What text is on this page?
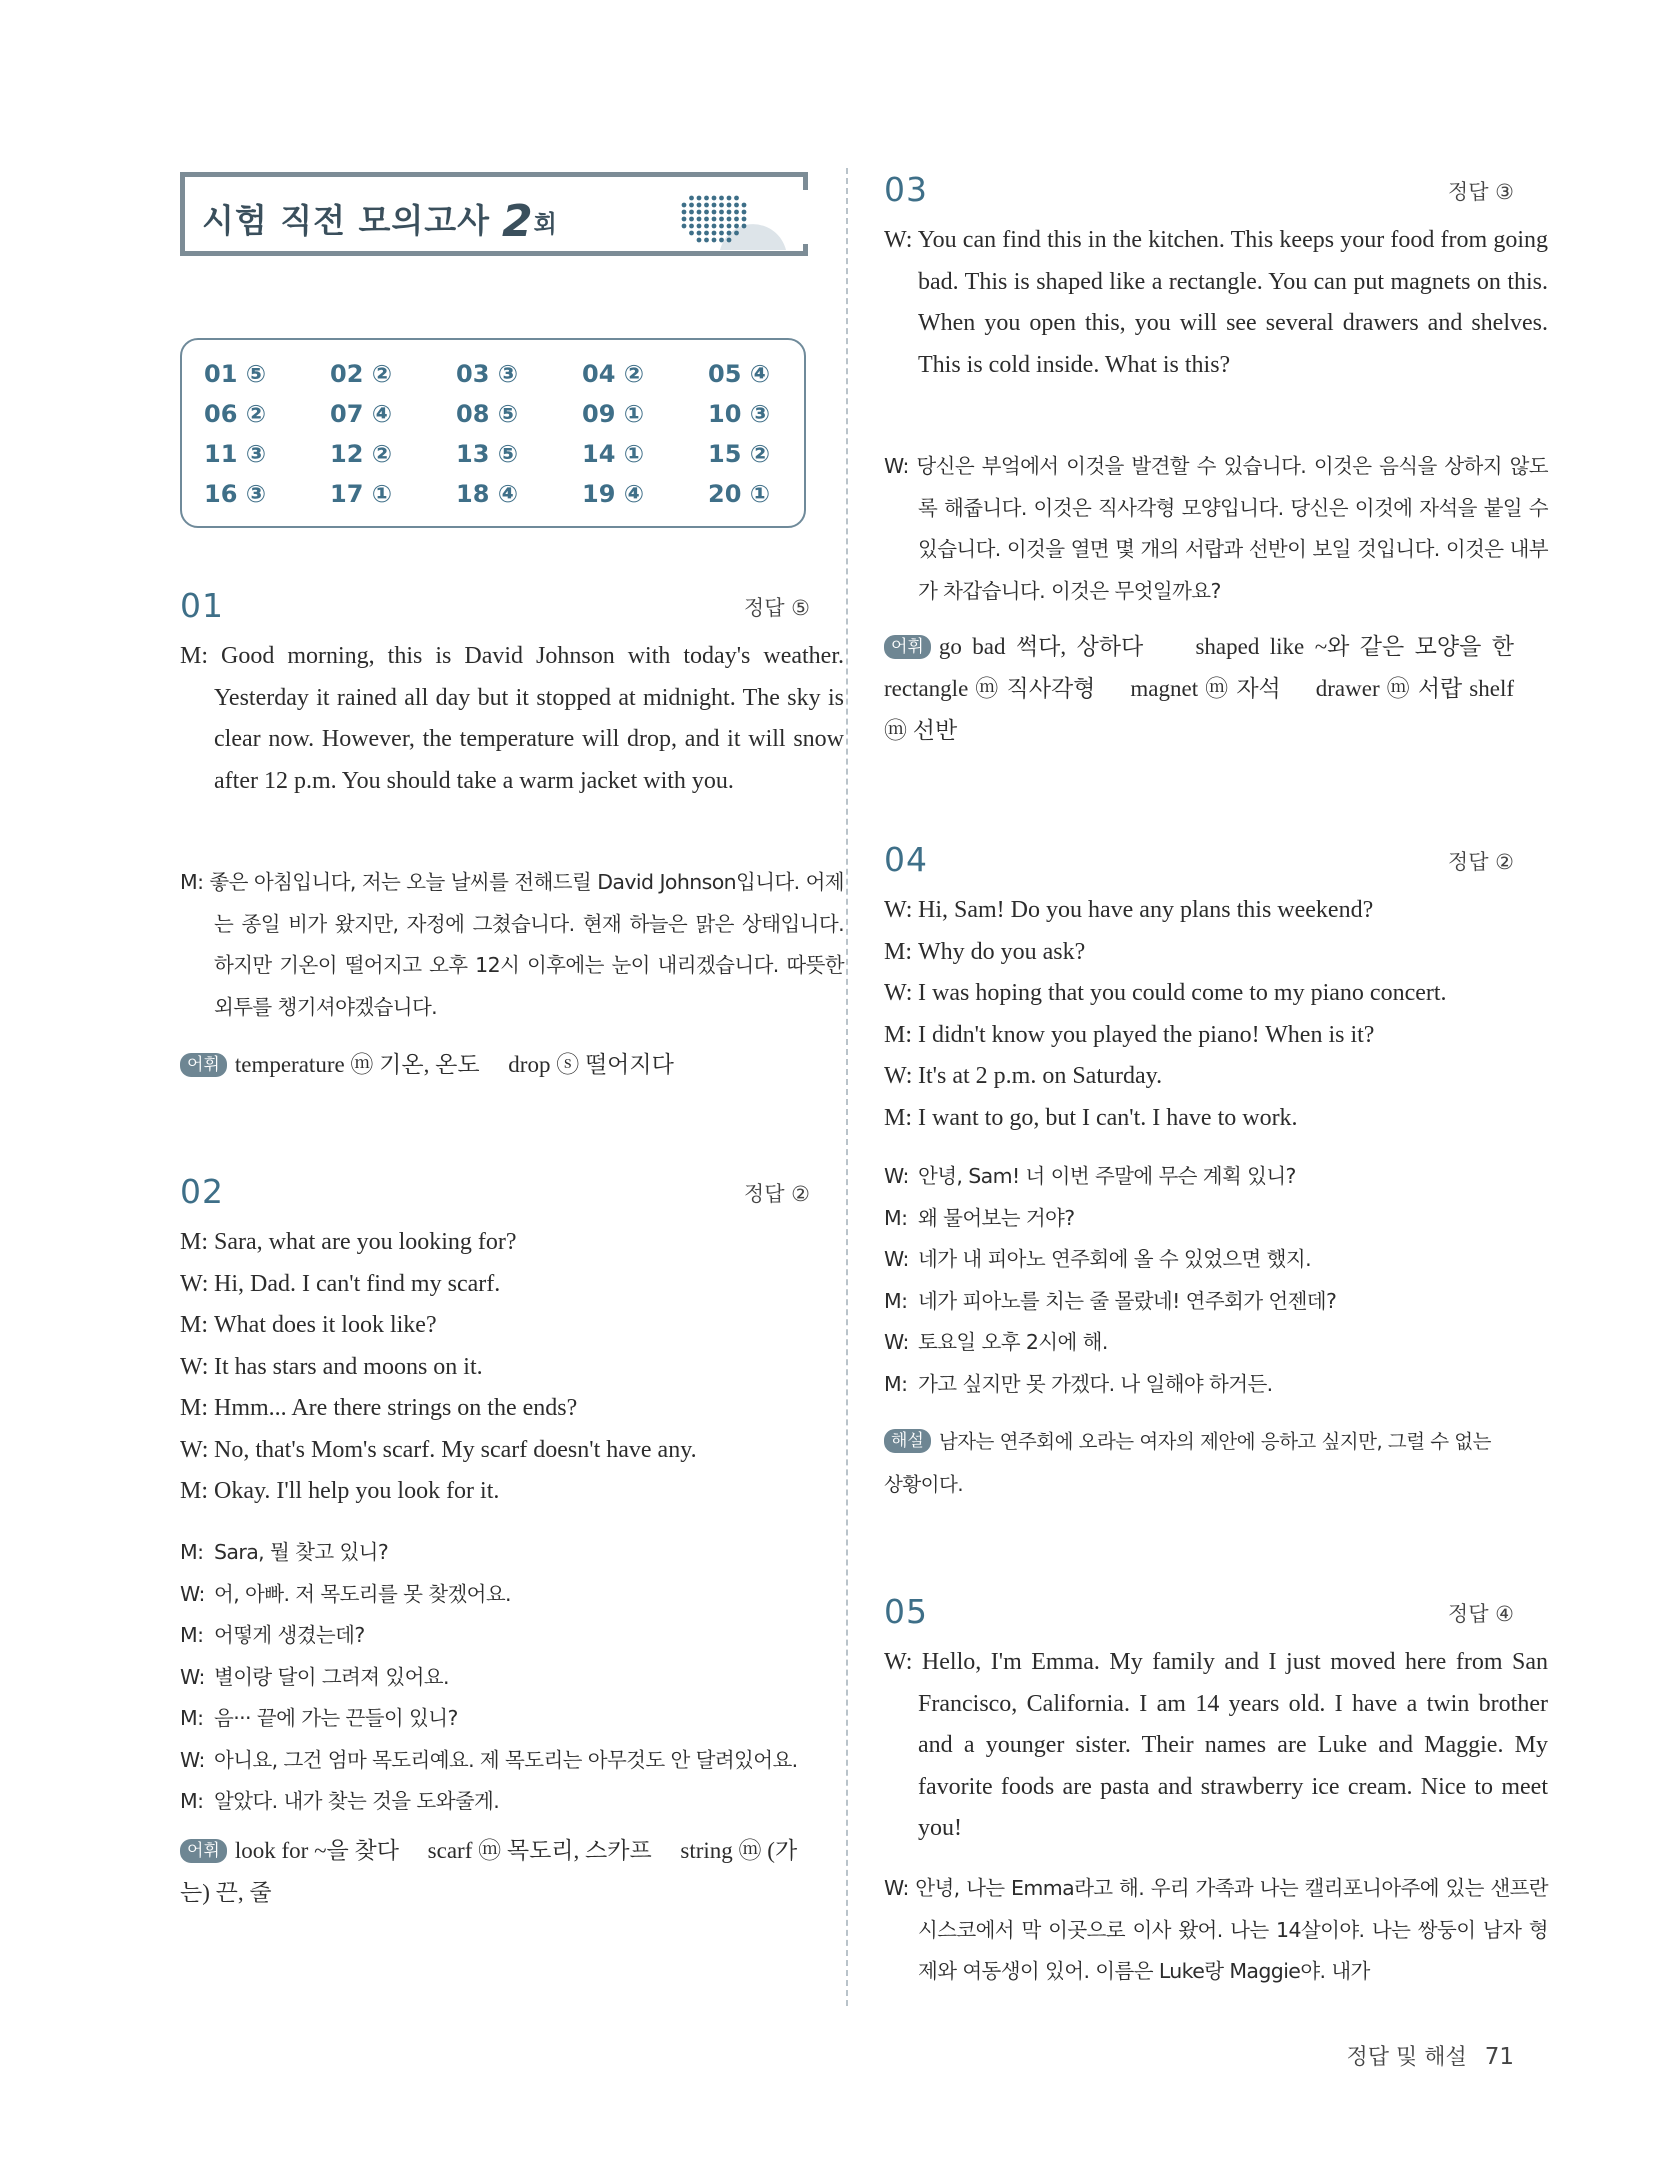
시험 직전 모의고사 2회
01 ⑤	02 ②	03 ③	04 ②	05 ④
06 ②	07 ④	08 ⑤	09 ①	10 ③
11 ③	12 ②	13 ⑤	14 ①	15 ②
16 ③	17 ①	18 ④	19 ④	20 ①
01	정답 ⑤
M: Good morning, this is David Johnson with today's weather. Yesterday it rained all day but it stopped at midnight. The sky is clear now. However, the temperature will drop, and it will snow after 12 p.m. You should take a warm jacket with you.
M: 좋은 아침입니다, 저는 오늘 날씨를 전해드릴 David Johnson입니다. 어제는 종일 비가 왔지만, 자정에 그쳤습니다. 현재 하늘은 맑은 상태입니다. 하지만 기온이 떨어지고 오후 12시 이후에는 눈이 내리겠습니다. 따뜻한 외투를 챙기셔야겠습니다.
어휘 temperature ⓜ 기온, 온도     drop ⓢ 떨어지다
02	정답 ②
M: Sara, what are you looking for?
W: Hi, Dad. I can't find my scarf.
M: What does it look like?
W: It has stars and moons on it.
M: Hmm... Are there strings on the ends?
W: No, that's Mom's scarf. My scarf doesn't have any.
M: Okay. I'll help you look for it.
M: Sara, 뭘 찾고 있니?
W: 어, 아빠. 저 목도리를 못 찾겠어요.
M: 어떻게 생겼는데?
W: 별이랑 달이 그려져 있어요.
M: 음··· 끝에 가는 끈들이 있니?
W: 아니요, 그건 엄마 목도리예요. 제 목도리는 아무것도 안 달려있어요.
M: 알았다. 내가 찾는 것을 도와줄게.
어휘 look for ~을 찾다     scarf ⓜ 목도리, 스카프     string ⓜ (가는) 끈, 줄
03	정답 ③
W: You can find this in the kitchen. This keeps your food from going bad. This is shaped like a rectangle. You can put magnets on this. When you open this, you will see several drawers and shelves. This is cold inside. What is this?
W: 당신은 부엌에서 이것을 발견할 수 있습니다. 이것은 음식을 상하지 않도록 해줍니다. 이것은 직사각형 모양입니다. 당신은 이것에 자석을 붙일 수 있습니다. 이것을 열면 몇 개의 서랍과 선반이 보일 것입니다. 이것은 내부가 차갑습니다. 이것은 무엇일까요?
어휘 go bad 썩다, 상하다     shaped like ~와 같은 모양을 한 rectangle ⓜ 직사각형     magnet ⓜ 자석     drawer ⓜ 서랍 shelf ⓜ 선반
04	정답 ②
W: Hi, Sam! Do you have any plans this weekend?
M: Why do you ask?
W: I was hoping that you could come to my piano concert.
M: I didn't know you played the piano! When is it?
W: It's at 2 p.m. on Saturday.
M: I want to go, but I can't. I have to work.
W: 안녕, Sam! 너 이번 주말에 무슨 계획 있니?
M: 왜 물어보는 거야?
W: 네가 내 피아노 연주회에 올 수 있었으면 했지.
M: 네가 피아노를 치는 줄 몰랐네! 연주회가 언젠데?
W: 토요일 오후 2시에 해.
M: 가고 싶지만 못 가겠다. 나 일해야 하거든.
해설 남자는 연주회에 오라는 여자의 제안에 응하고 싶지만, 그럴 수 없는 상황이다.
05	정답 ④
W: Hello, I'm Emma. My family and I just moved here from San Francisco, California. I am 14 years old. I have a twin brother and a younger sister. Their names are Luke and Maggie. My favorite foods are pasta and strawberry ice cream. Nice to meet you!
W: 안녕, 나는 Emma라고 해. 우리 가족과 나는 캘리포니아주에 있는 샌프란시스코에서 막 이곳으로 이사 왔어. 나는 14살이야. 나는 쌍둥이 남자 형제와 여동생이 있어. 이름은 Luke랑 Maggie야. 내가
정답 및 해설 71
